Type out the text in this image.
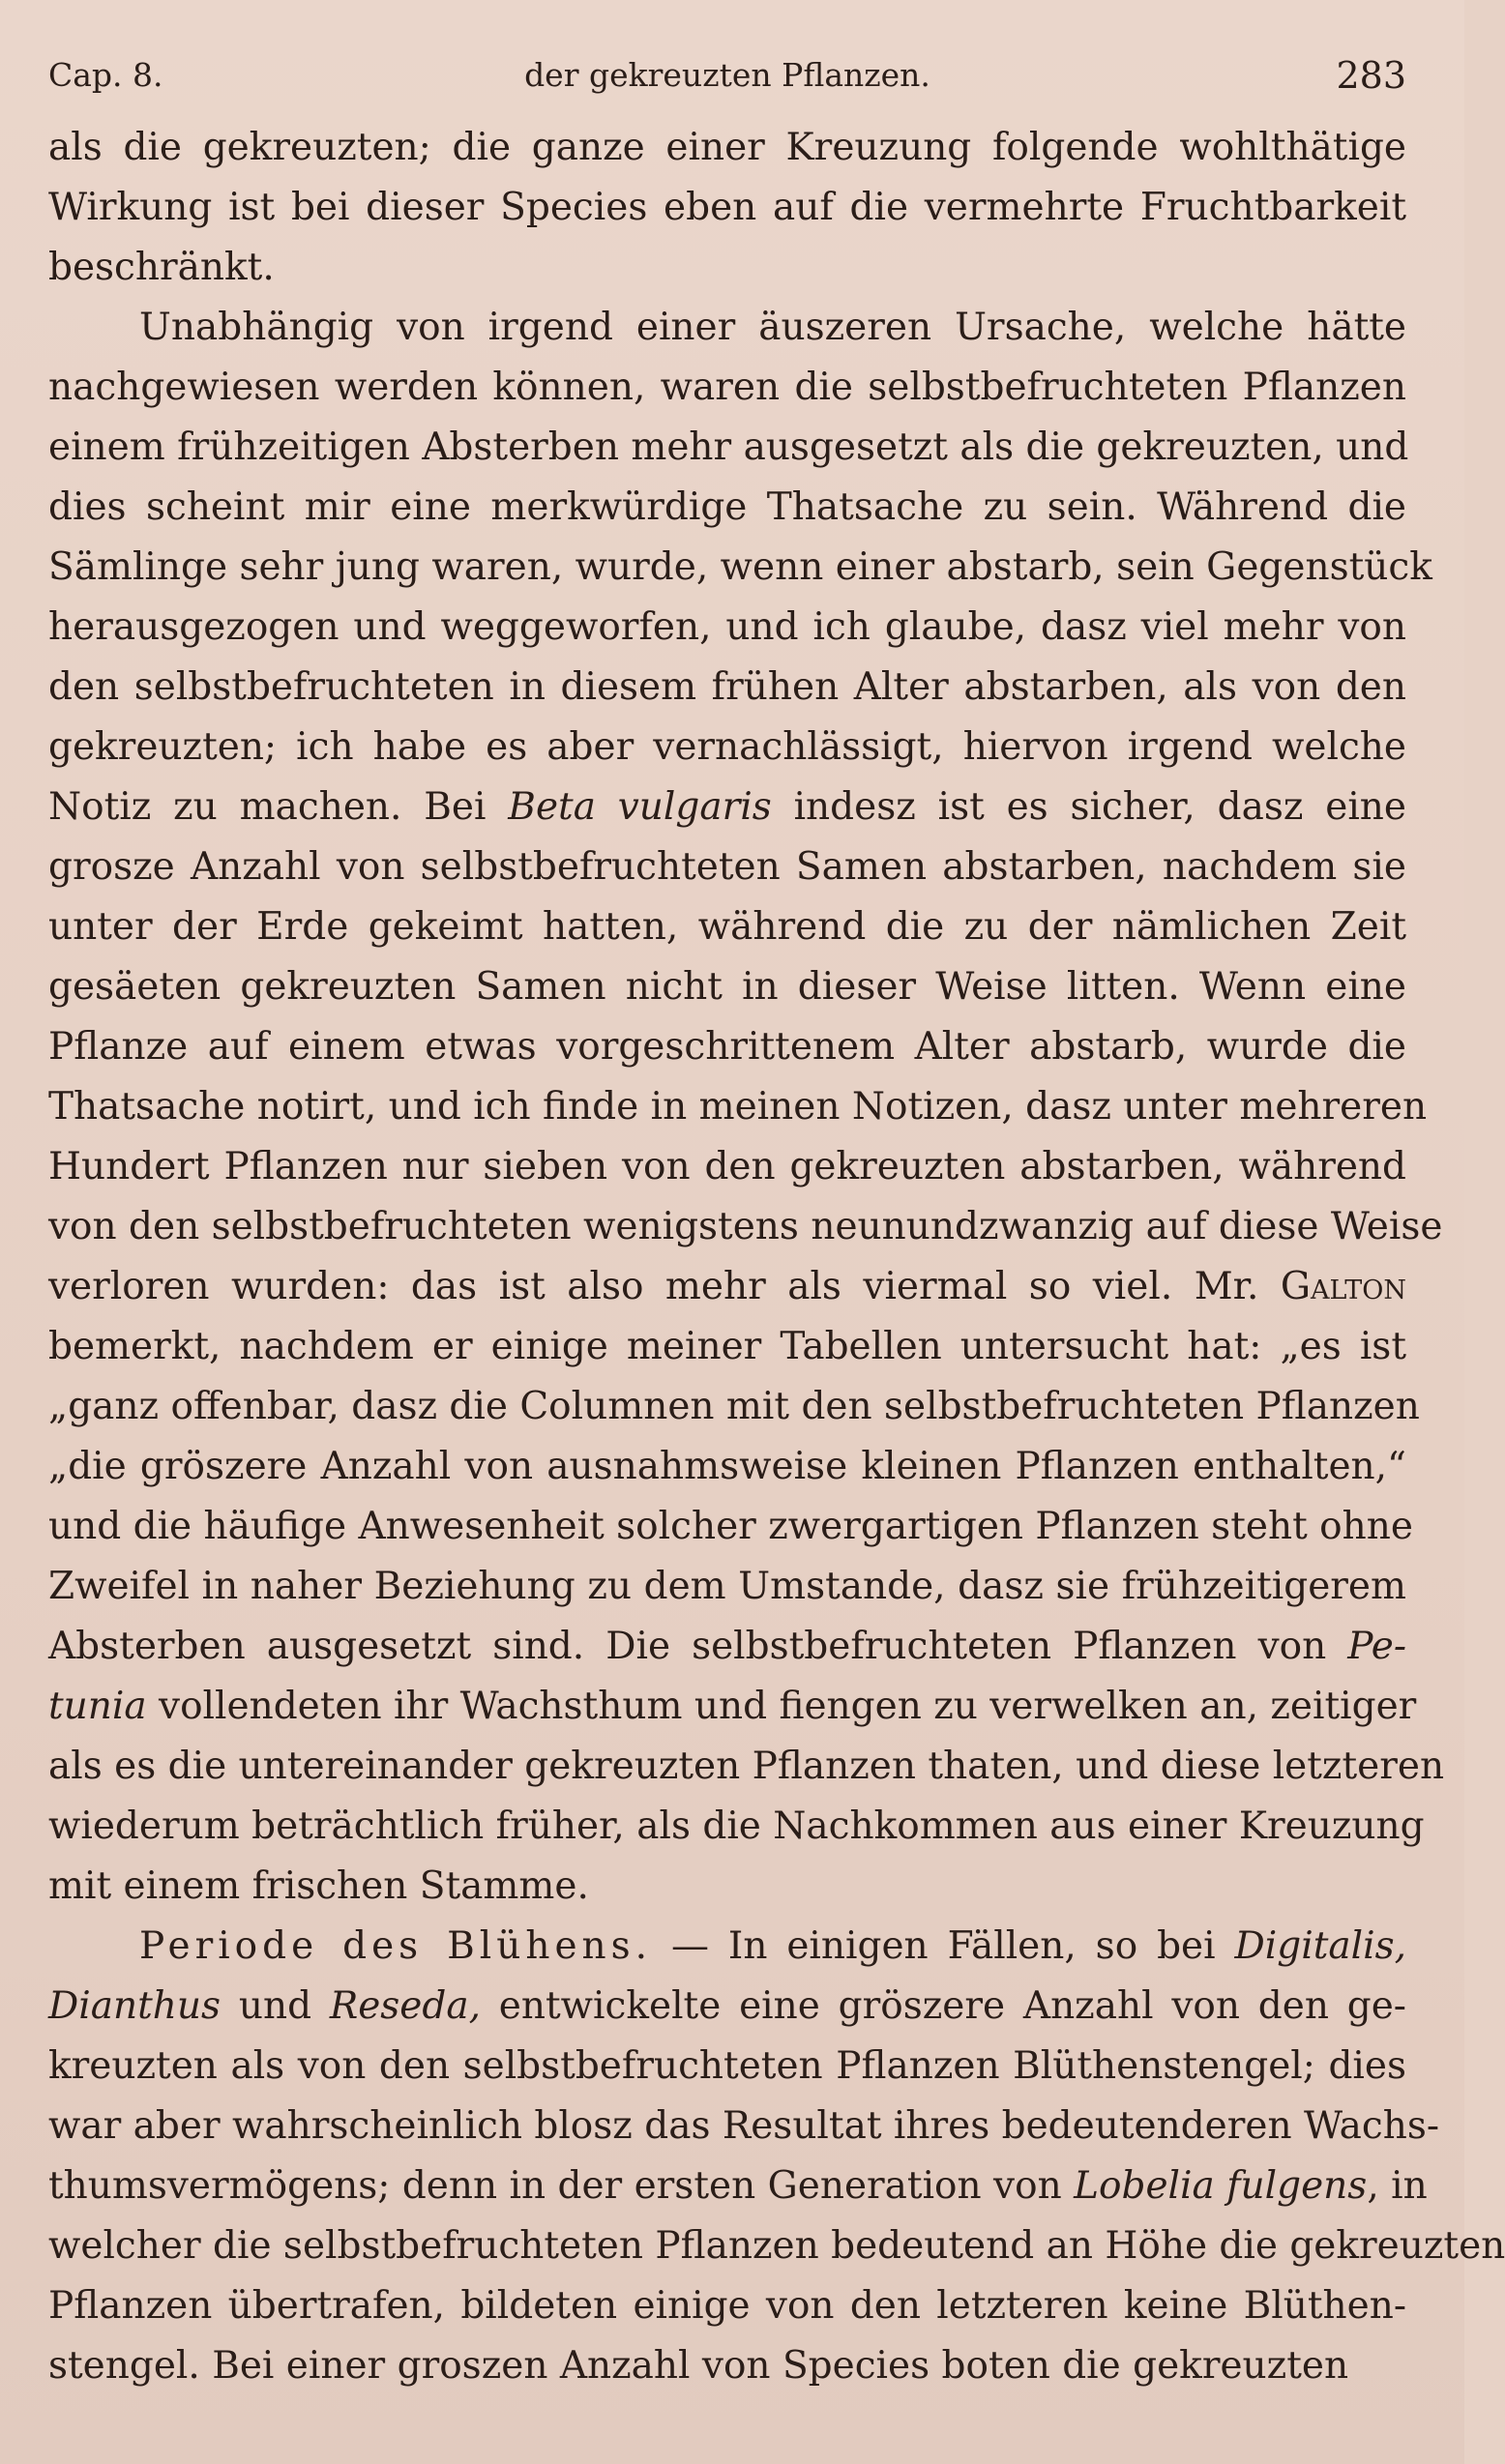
Cap. 8.	der gekreuzten Pflanzen.	283
als die gekreuzten; die ganze einer Kreuzung folgende wohlthätige
Wirkung ist bei dieser Species eben auf die vermehrte Fruchtbarkeit
beschränkt.
Unabhängig von irgend einer äuszeren Ursache, welche hätte
nachgewiesen werden können, waren die selbstbefruchteten Pflanzen
einem frühzeitigen Absterben mehr ausgesetzt als die gekreuzten, und
dies scheint mir eine merkwürdige Thatsache zu sein. Während die
Sämlinge sehr jung waren, wurde, wenn einer abstarb, sein Gegenstück
herausgezogen und weggeworfen, und ich glaube, dasz viel mehr von
den selbstbefruchteten in diesem frühen Alter abstarben, als von den
gekreuzten; ich habe es aber vernachlässigt, hiervon irgend welche
Notiz zu machen. Bei Beta vulgaris indesz ist es sicher, dasz eine
grosze Anzahl von selbstbefruchteten Samen abstarben, nachdem sie
unter der Erde gekeimt hatten, während die zu der nämlichen Zeit
gesäeten gekreuzten Samen nicht in dieser Weise litten. Wenn eine
Pflanze auf einem etwas vorgeschrittenem Alter abstarb, wurde die
Thatsache notirt, und ich finde in meinen Notizen, dasz unter mehreren
Hundert Pflanzen nur sieben von den gekreuzten abstarben, während
von den selbstbefruchteten wenigstens neunundzwanzig auf diese Weise
verloren wurden: das ist also mehr als viermal so viel. Mr. Galton
bemerkt, nachdem er einige meiner Tabellen untersucht hat: „es ist
„ganz offenbar, dasz die Columnen mit den selbstbefruchteten Pflanzen
„die gröszere Anzahl von ausnahmsweise kleinen Pflanzen enthalten,“
und die häufige Anwesenheit solcher zwergartigen Pflanzen steht ohne
Zweifel in naher Beziehung zu dem Umstande, dasz sie frühzeitigerem
Absterben ausgesetzt sind. Die selbstbefruchteten Pflanzen von Pe-
tunia vollendeten ihr Wachsthum und fiengen zu verwelken an, zeitiger
als es die untereinander gekreuzten Pflanzen thaten, und diese letzteren
wiederum beträchtlich früher, als die Nachkommen aus einer Kreuzung
mit einem frischen Stamme.
Periode des Blühens. — In einigen Fällen, so bei Digitalis,
Dianthus und Reseda, entwickelte eine gröszere Anzahl von den ge-
kreuzten als von den selbstbefruchteten Pflanzen Blüthenstengel; dies
war aber wahrscheinlich blosz das Resultat ihres bedeutenderen Wachs-
thumsvermögens; denn in der ersten Generation von Lobelia fulgens, in
welcher die selbstbefruchteten Pflanzen bedeutend an Höhe die gekreuzten
Pflanzen übertrafen, bildeten einige von den letzteren keine Blüthen-
stengel. Bei einer groszen Anzahl von Species boten die gekreuzten
